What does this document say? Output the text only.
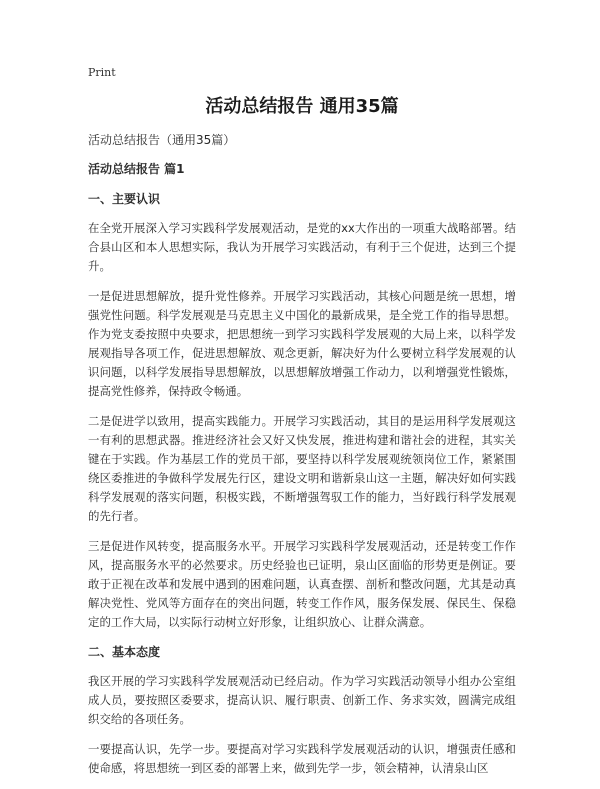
Print
活动总结报告 通用35篇
活动总结报告（通用35篇）
活动总结报告 篇1
一、主要认识

在全党开展深入学习实践科学发展观活动，是党的xx大作出的一项重大战略部署。结合县山区和本人思想实际，我认为开展学习实践活动，有利于三个促进，达到三个提升。

一是促进思想解放，提升党性修养。开展学习实践活动，其核心问题是统一思想，增强党性问题。科学发展观是马克思主义中国化的最新成果，是全党工作的指导思想。作为党支委按照中央要求，把思想统一到学习实践科学发展观的大局上来，以科学发展观指导各项工作，促进思想解放、观念更新，解决好为什么要树立科学发展观的认识问题，以科学发展指导思想解放，以思想解放增强工作动力，以利增强党性锻炼，提高党性修养，保持政令畅通。

二是促进学以致用，提高实践能力。开展学习实践活动，其目的是运用科学发展观这一有利的思想武器。推进经济社会又好又快发展，推进构建和谐社会的进程，其实关键在于实践。作为基层工作的党员干部，要坚持以科学发展观统领岗位工作，紧紧围绕区委推进的争做科学发展先行区，建设文明和谐新泉山这一主题，解决好如何实践科学发展观的落实问题，积极实践，不断增强驾驭工作的能力，当好践行科学发展观的先行者。

三是促进作风转变，提高服务水平。开展学习实践科学发展观活动，还是转变工作作风，提高服务水平的必然要求。历史经验也已证明，泉山区面临的形势更是例证。要敢于正视在改革和发展中遇到的困难问题，认真查摆、剖析和整改问题，尤其是动真解决党性、党风等方面存在的突出问题，转变工作作风，服务保发展、保民生、保稳定的工作大局，以实际行动树立好形象，让组织放心、让群众满意。

二、基本态度

我区开展的学习实践科学发展观活动已经启动。作为学习实践活动领导小组办公室组成人员，要按照区委要求，提高认识、履行职责、创新工作、务求实效，圆满完成组织交给的各项任务。

一要提高认识，先学一步。要提高对学习实践科学发展观活动的认识，增强责任感和使命感，将思想统一到区委的部署上来，做到先学一步，领会精神，认清泉山区
